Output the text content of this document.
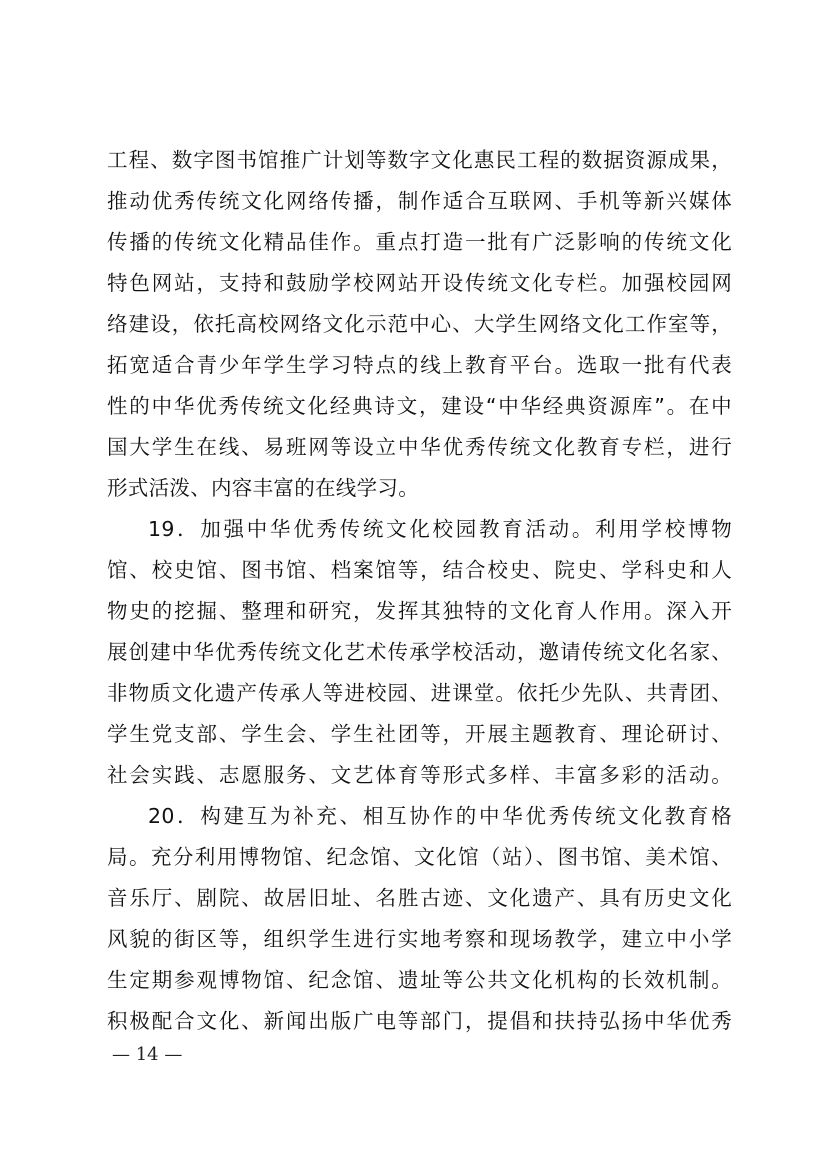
工程、数字图书馆推广计划等数字文化惠民工程的数据资源成果，
推动优秀传统文化网络传播，制作适合互联网、手机等新兴媒体
传播的传统文化精品佳作。重点打造一批有广泛影响的传统文化
特色网站，支持和鼓励学校网站开设传统文化专栏。加强校园网
络建设，依托高校网络文化示范中心、大学生网络文化工作室等，
拓宽适合青少年学生学习特点的线上教育平台。选取一批有代表
性的中华优秀传统文化经典诗文，建设“中华经典资源库”。在中
国大学生在线、易班网等设立中华优秀传统文化教育专栏，进行
形式活泼、内容丰富的在线学习。
19．加强中华优秀传统文化校园教育活动。利用学校博物
馆、校史馆、图书馆、档案馆等，结合校史、院史、学科史和人
物史的挖掘、整理和研究，发挥其独特的文化育人作用。深入开
展创建中华优秀传统文化艺术传承学校活动，邀请传统文化名家、
非物质文化遗产传承人等进校园、进课堂。依托少先队、共青团、
学生党支部、学生会、学生社团等，开展主题教育、理论研讨、
社会实践、志愿服务、文艺体育等形式多样、丰富多彩的活动。
20．构建互为补充、相互协作的中华优秀传统文化教育格
局。充分利用博物馆、纪念馆、文化馆（站）、图书馆、美术馆、
音乐厅、剧院、故居旧址、名胜古迹、文化遗产、具有历史文化
风貌的街区等，组织学生进行实地考察和现场教学，建立中小学
生定期参观博物馆、纪念馆、遗址等公共文化机构的长效机制。
积极配合文化、新闻出版广电等部门，提倡和扶持弘扬中华优秀
— 14 —
